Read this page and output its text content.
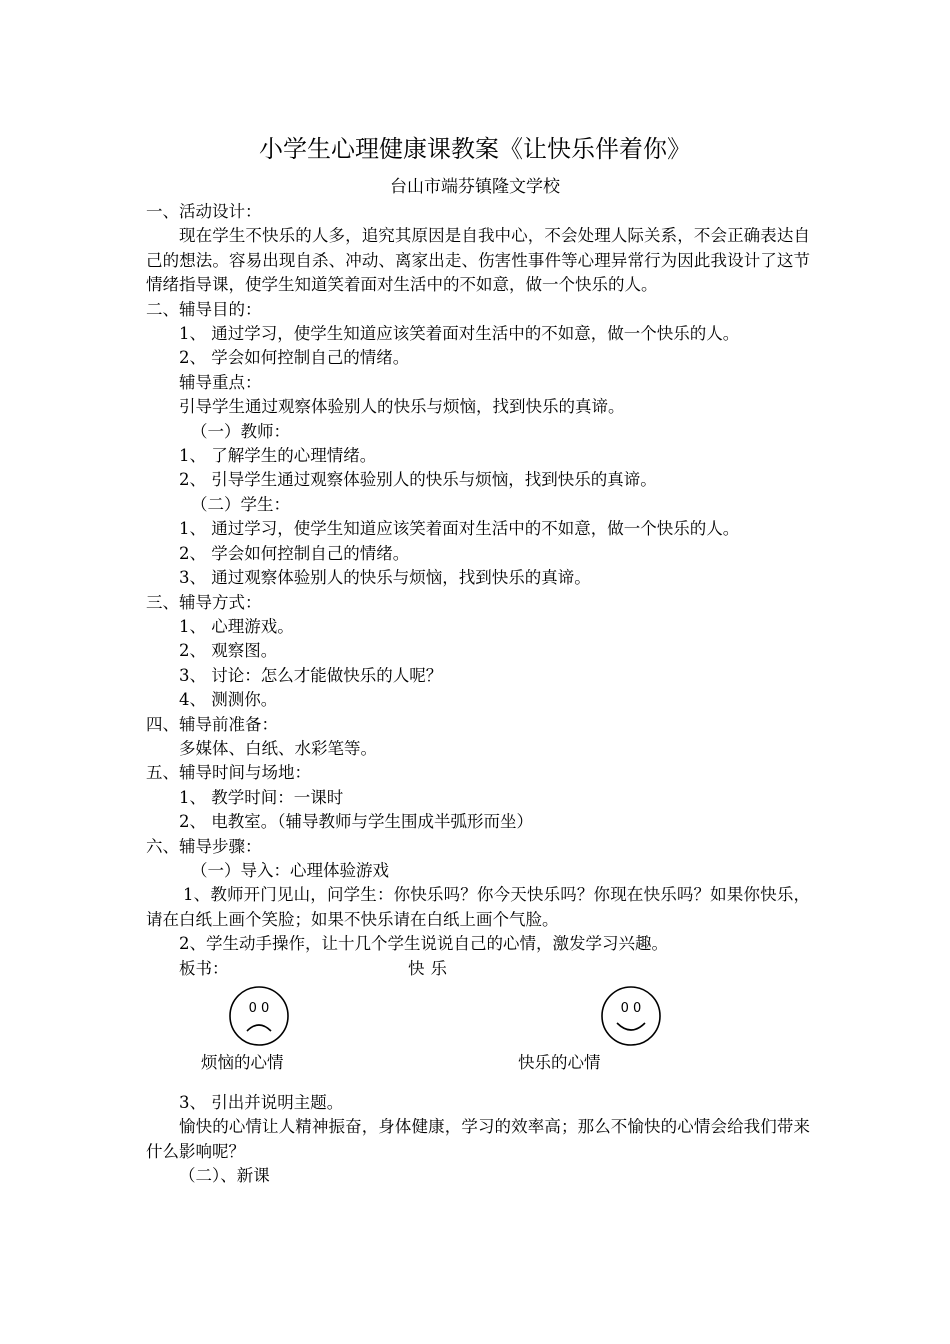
小学生心理健康课教案《让快乐伴着你》
台山市端芬镇隆文学校

一、活动设计：

现在学生不快乐的人多，追究其原因是自我中心，不会处理人际关系，不会正确表达自己的想法。容易出现自杀、冲动、离家出走、伤害性事件等心理异常行为因此我设计了这节情绪指导课，使学生知道笑着面对生活中的不如意，做一个快乐的人。

二、辅导目的：

1、 通过学习，使学生知道应该笑着面对生活中的不如意，做一个快乐的人。

2、 学会如何控制自己的情绪。

辅导重点：

引导学生通过观察体验别人的快乐与烦恼，找到快乐的真谛。

（一）教师：

1、 了解学生的心理情绪。

2、 引导学生通过观察体验别人的快乐与烦恼，找到快乐的真谛。

（二）学生：

1、 通过学习，使学生知道应该笑着面对生活中的不如意，做一个快乐的人。

2、 学会如何控制自己的情绪。

3、 通过观察体验别人的快乐与烦恼，找到快乐的真谛。

三、辅导方式：

1、 心理游戏。

2、 观察图。

3、 讨论：怎么才能做快乐的人呢？

4、 测测你。

四、辅导前准备：

多媒体、白纸、水彩笔等。

五、辅导时间与场地：

1、 教学时间：一课时

2、 电教室。（辅导教师与学生围成半弧形而坐）

六、辅导步骤：

（一）导入：心理体验游戏

1、教师开门见山，问学生：你快乐吗？你今天快乐吗？你现在快乐吗？如果你快乐，请在白纸上画个笑脸；如果不快乐请在白纸上画个气脸。

2、学生动手操作，让十几个学生说说自己的心情，激发学习兴趣。

板书：	快乐
0 0	0 0
烦恼的心情	快乐的心情

3、 引出并说明主题。

愉快的心情让人精神振奋，身体健康，学习的效率高；那么不愉快的心情会给我们带来什么影响呢？

（二）、新课
